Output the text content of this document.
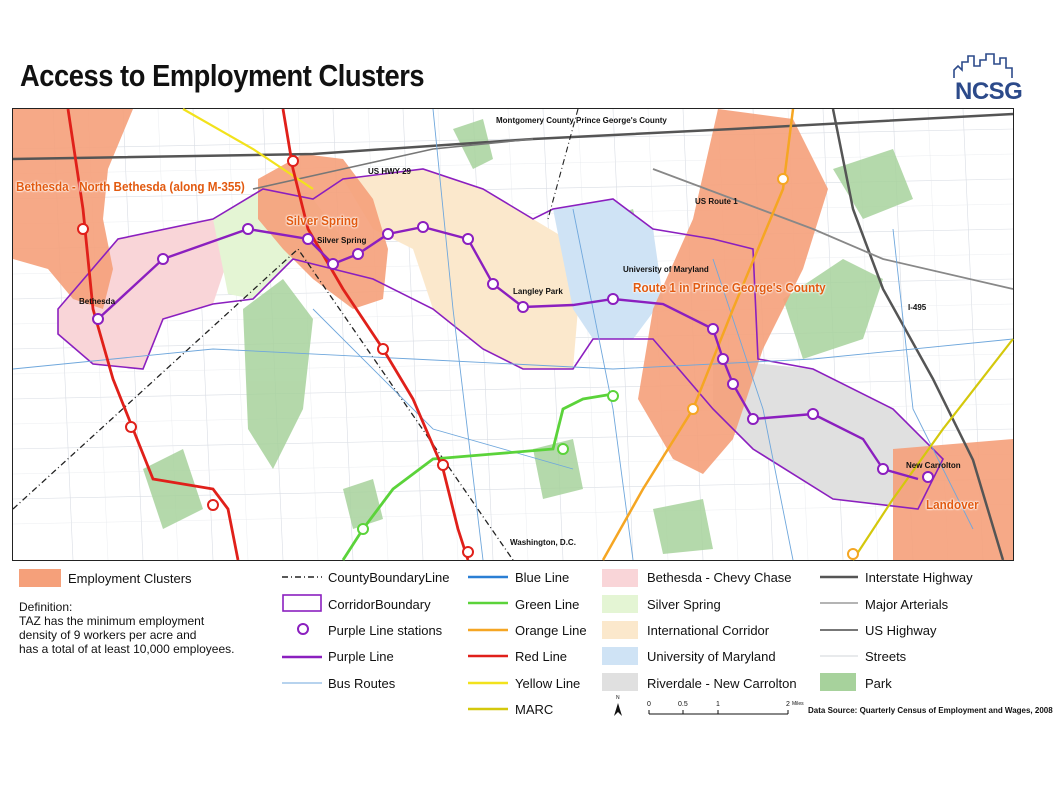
Access to Employment Clusters	NCSG
Montgomery County Prince George's County
US HWY 29
US Route 1
I-495
Washington, D.C.
Bethesda
Silver Spring
Langley Park
University of Maryland
New Carrolton
Bethesda - North Bethesda (along M-355)
Silver Spring
Route 1 in Prince George's County
Landover
Employment Clusters
Definition:
TAZ has the minimum employment
density of 9 workers per acre and
has a total of at least 10,000 employees.
CountyBoundaryLine
CorridorBoundary
Purple Line stations
Purple Line
Bus Routes
Blue Line
Green Line
Orange Line
Red Line
Yellow Line
MARC
Bethesda - Chevy Chase
Silver Spring
International Corridor
University of Maryland
Riverdale - New Carrolton
Interstate Highway
Major Arterials
US Highway
Streets
Park
N
0	0.5	1	2 Miles
Data Source: Quarterly Census of Employment and Wages, 2008
